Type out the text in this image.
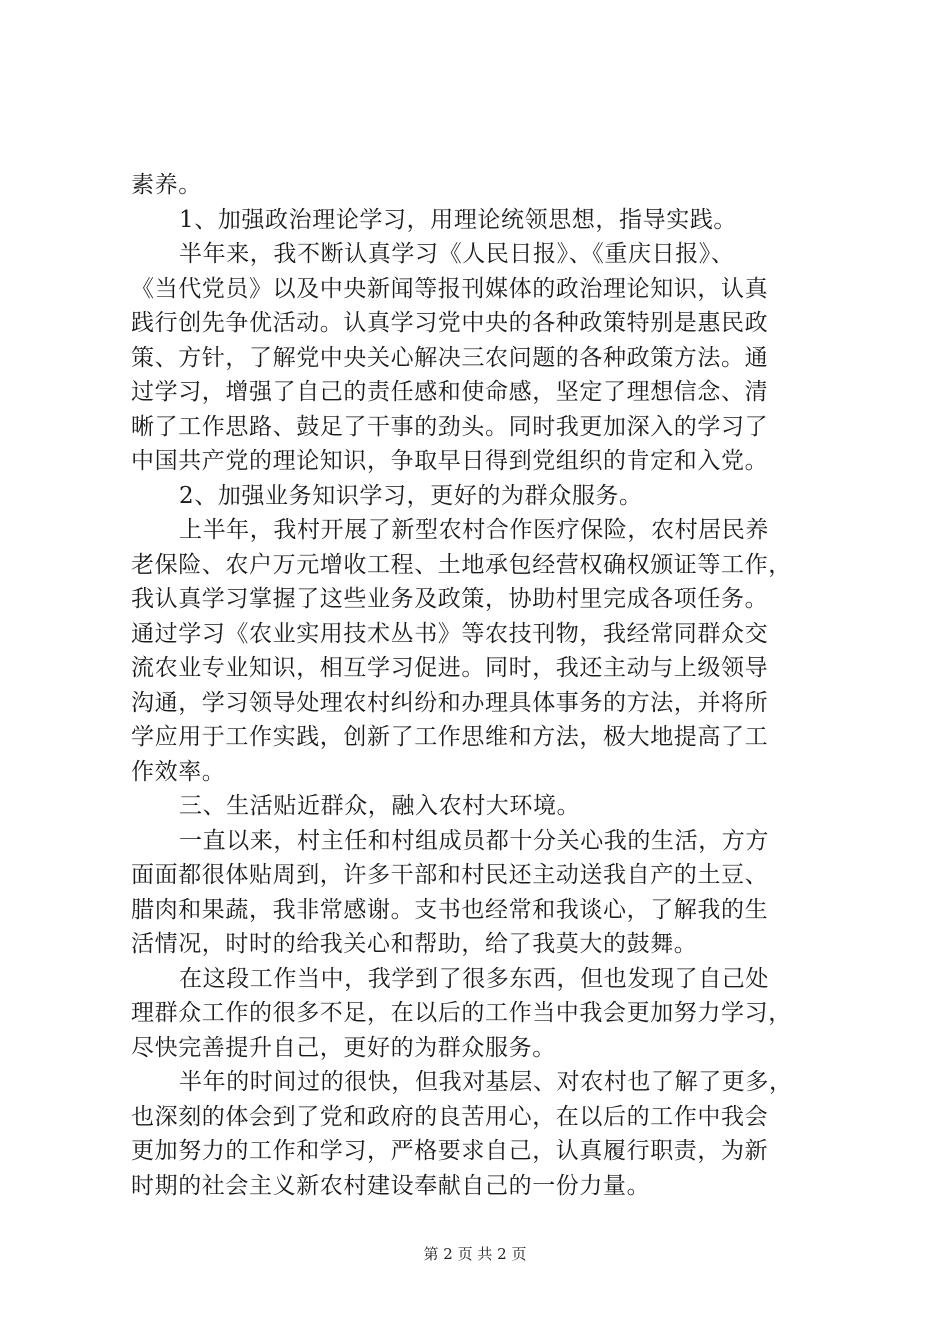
素养。
1、加强政治理论学习，用理论统领思想，指导实践。
半年来，我不断认真学习《人民日报》、《重庆日报》、
《当代党员》以及中央新闻等报刊媒体的政治理论知识，认真
践行创先争优活动。认真学习党中央的各种政策特别是惠民政
策、方针，了解党中央关心解决三农问题的各种政策方法。通
过学习，增强了自己的责任感和使命感，坚定了理想信念、清
晰了工作思路、鼓足了干事的劲头。同时我更加深入的学习了
中国共产党的理论知识，争取早日得到党组织的肯定和入党。
2、加强业务知识学习，更好的为群众服务。
上半年，我村开展了新型农村合作医疗保险，农村居民养
老保险、农户万元增收工程、土地承包经营权确权颁证等工作，
我认真学习掌握了这些业务及政策，协助村里完成各项任务。
通过学习《农业实用技术丛书》等农技刊物，我经常同群众交
流农业专业知识，相互学习促进。同时，我还主动与上级领导
沟通，学习领导处理农村纠纷和办理具体事务的方法，并将所
学应用于工作实践，创新了工作思维和方法，极大地提高了工
作效率。
三、生活贴近群众，融入农村大环境。
一直以来，村主任和村组成员都十分关心我的生活，方方
面面都很体贴周到，许多干部和村民还主动送我自产的土豆、
腊肉和果蔬，我非常感谢。支书也经常和我谈心，了解我的生
活情况，时时的给我关心和帮助，给了我莫大的鼓舞。
在这段工作当中，我学到了很多东西，但也发现了自己处
理群众工作的很多不足，在以后的工作当中我会更加努力学习，
尽快完善提升自己，更好的为群众服务。
半年的时间过的很快，但我对基层、对农村也了解了更多，
也深刻的体会到了党和政府的良苦用心，在以后的工作中我会
更加努力的工作和学习，严格要求自己，认真履行职责，为新
时期的社会主义新农村建设奉献自己的一份力量。
第 2 页 共 2 页
